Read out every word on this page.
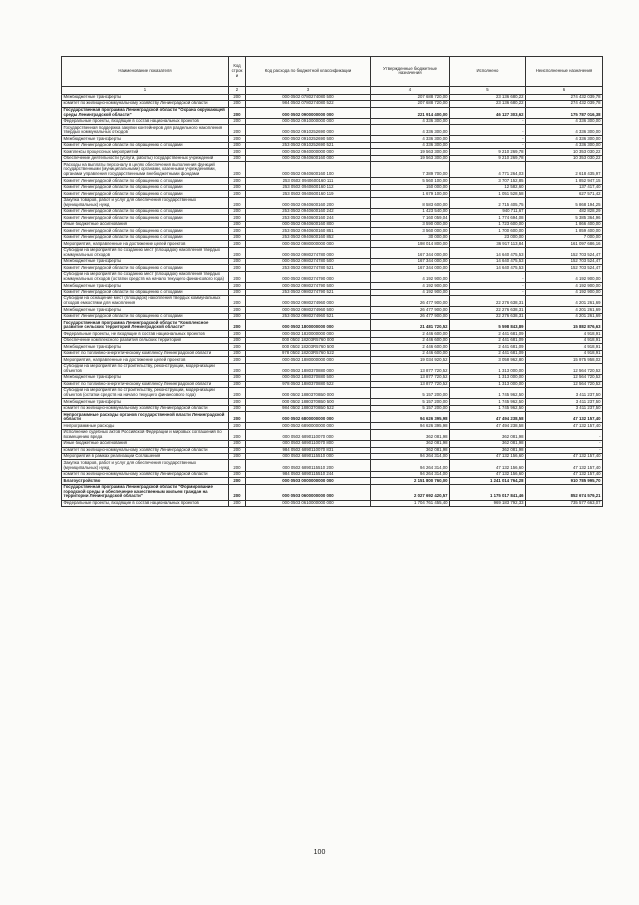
Наименование показателя	Код строк и	Код расхода по бюджетной классификации	Утвержденные бюджетные назначения	Исполнено	Неисполненные назначения
1	2	3	4	5	6
Межбюджетные трансферты	200	000 0502 0780274080 500	207 688 720,00	23 136 680,22	274 432 039,78
комитет по жилищно-коммунальному хозяйству Ленинградской области	200	984 0502 0780274080 522	207 688 720,00	23 136 680,22	274 432 039,78
Государственная программа Ленинградской области "Охрана окружающей среды Ленинградской области"	200	000 0502 0900000000 000	221 914 400,00	46 127 303,62	175 787 016,38
Федеральные проекты, входящие в состав национальных проектов	200	000 0502 0910000000 000	4 336 300,00	-	4 336 300,00
Государственная поддержка закупки контейнеров для раздельного накопления твердых коммунальных отходов	200	000 0502 0910252690 000	4 336 300,00	-	4 336 300,00
Межбюджетные трансферты	200	000 0502 0910252690 500	4 336 300,00	-	4 336 300,00
Комитет Ленинградской области по обращению с отходами	200	253 0502 0910252690 521	4 336 300,00	-	4 336 300,00
Комплексы процессных мероприятий	200	000 0502 0940000000 000	19 563 300,00	9 210 269,78	10 353 030,22
Обеспечение деятельности (услуги, работы) государственных учреждений	200	000 0502 0940600160 000	19 563 300,00	9 210 269,78	10 353 030,22
Расходы на выплаты персоналу в целях обеспечения выполнения функций государственными (муниципальными) органами, казенными учреждениями, органами управления государственными внебюджетными фондами	200	000 0502 0940600160 100	7 389 700,00	4 771 264,03	2 618 435,97
Комитет Ленинградской области по обращению с отходами	200	253 0502 0940600160 111	5 560 100,00	3 707 152,85	1 852 947,15
Комитет Ленинградской области по обращению с отходами	200	253 0502 0940600160 112	150 000,00	12 582,60	137 417,40
Комитет Ленинградской области по обращению с отходами	200	253 0502 0940600160 119	1 679 100,00	1 051 528,58	627 571,42
Закупка товаров, работ и услуг для обеспечения государственных (муниципальных) нужд	200	000 0502 0940600160 200	8 583 600,00	2 715 405,75	5 868 194,25
Комитет Ленинградской области по обращению с отходами	200	253 0502 0940600160 242	1 423 540,00	940 711,67	482 828,29
Комитет Ленинградской области по обращению с отходами	200	253 0502 0940600160 244	7 160 059,04	1 774 694,08	5 385 364,96
Иные бюджетные ассигнования	200	000 0502 0940600160 800	3 590 000,00	1 723 600,00	1 866 400,00
Комитет Ленинградской области по обращению с отходами	200	253 0502 0940600160 851	3 560 000,00	1 700 600,00	1 859 400,00
Комитет Ленинградской области по обращению с отходами	200	253 0502 0940600160 852	30 000,00	23 000,00	7 000,00
Мероприятия, направленные на достижение целей проектов	200	000 0502 0980000000 000	198 014 800,00	36 917 113,84	161 097 686,16
Субсидии на мероприятия по созданию мест (площадок) накопления твердых коммунальных отходов	200	000 0502 0980274780 000	167 344 000,00	14 640 475,53	152 703 524,47
Межбюджетные трансферты	200	000 0502 0980274780 500	167 344 000,00	14 640 475,53	152 703 524,47
Комитет Ленинградской области по обращению с отходами	200	253 0502 0980274780 521	167 344 000,00	14 640 475,53	152 703 524,47
Субсидии на мероприятия по созданию мест (площадок) накопления твердых коммунальных отходов (остатки средств на начало текущего финансового года)	200	000 0502 0980274790 000	4 192 900,00	-	4 192 900,00
Межбюджетные трансферты	200	000 0502 0980274790 500	4 192 900,00	-	4 192 900,00
Комитет Ленинградской области по обращению с отходами	200	253 0502 0980274790 521	4 192 900,00	-	4 192 900,00
Субсидии на оснащение мест (площадок) накопления твердых коммунальных отходов емкостями для накопления	200	000 0502 0980274960 000	26 477 900,00	22 276 638,31	4 201 261,69
Межбюджетные трансферты	200	000 0502 0980274960 500	26 477 900,00	22 276 638,31	4 201 261,69
Комитет Ленинградской области по обращению с отходами	200	253 0502 0980274960 521	26 477 900,00	22 276 638,31	4 201 261,69
Государственная программа Ленинградской области "Комплексное развитие сельских территорий Ленинградской области"	200	000 0502 1800000000 000	21 481 720,52	5 598 843,89	15 882 876,63
Федеральные проекты, не входящие в состав национальных проектов	200	000 0502 1820000000 000	2 446 600,00	2 441 681,09	4 918,91
Обеспечение комплексного развития сельских территорий	200	000 0502 18203R5760 000	2 446 600,00	2 441 681,09	4 918,91
Межбюджетные трансферты	200	000 0502 18203R5760 500	2 446 600,00	2 441 681,09	4 918,91
Комитет по топливно-энергетическому комплексу Ленинградской области	200	978 0502 18203R5760 522	2 446 600,00	2 441 681,09	4 918,91
Мероприятия, направленные на достижение целей проектов	200	000 0502 1880000000 000	19 034 920,52	3 058 962,80	15 975 958,02
Субсидии на мероприятия по строительству, реконструкции, модернизации объектов	200	000 0502 1880370880 000	13 877 720,52	1 313 000,00	12 564 720,52
Межбюджетные трансферты	200	000 0502 1880370880 500	13 877 720,52	1 313 000,00	12 564 720,52
Комитет по топливно-энергетическому комплексу Ленинградской области	200	978 0502 1880370880 522	13 877 720,52	1 313 000,00	12 564 720,52
Субсидии на мероприятия по строительству, реконструкции, модернизации объектов (остатки средств на начало текущего финансового года)	200	000 0502 18803708Б0 000	5 157 200,00	1 745 962,50	3 411 237,50
Межбюджетные трансферты	200	000 0502 18803708Б0 500	5 157 200,00	1 745 962,50	3 411 237,50
комитет по жилищно-коммунальному хозяйству Ленинградской области	200	984 0502 18803708Б0 522	5 157 200,00	1 745 962,50	3 411 237,50
Непрограммные расходы органов государственной власти Ленинградской области	200	000 0502 6800000000 000	94 626 395,98	47 494 238,58	47 132 157,40
Непрограммные расходы	200	000 0502 6890000000 000	94 626 395,98	47 494 238,58	47 132 157,40
Исполнение судебных актов Российской Федерации и мировых соглашений по возмещению вреда	200	000 0502 6890110070 000	362 081,98	362 081,98	-
Иные бюджетные ассигнования	200	000 0502 6890110070 800	362 081,98	362 081,98	-
комитет по жилищно-коммунальному хозяйству Ленинградской области	200	984 0502 6890110070 831	362 081,98	362 081,98	-
Мероприятия в рамках реализации Соглашения	200	000 0502 6890115510 000	94 264 314,00	47 132 156,60	47 132 157,40
Закупка товаров, работ и услуг для обеспечения государственных (муниципальных) нужд	200	000 0502 6890115510 200	94 264 314,00	47 132 156,60	47 132 157,40
комитет по жилищно-коммунальному хозяйству Ленинградской области	200	984 0502 6890115510 244	94 264 314,00	47 132 156,60	47 132 157,40
Благоустройство	200	000 0503 0000000000 000	2 151 800 760,00	1 241 014 764,28	910 785 995,70
Государственная программа Ленинградской области "Формирование городской среды и обеспечение качественным жильем граждан на территории Ленинградской области"	200	000 0503 0600000000 000	2 027 692 420,57	1 175 017 841,46	852 674 579,21
Федеральные проекты, входящие в состав национальных проектов	200	000 0503 0610000000 000	1 704 761 455,40	969 183 792,33	735 577 663,07
100
